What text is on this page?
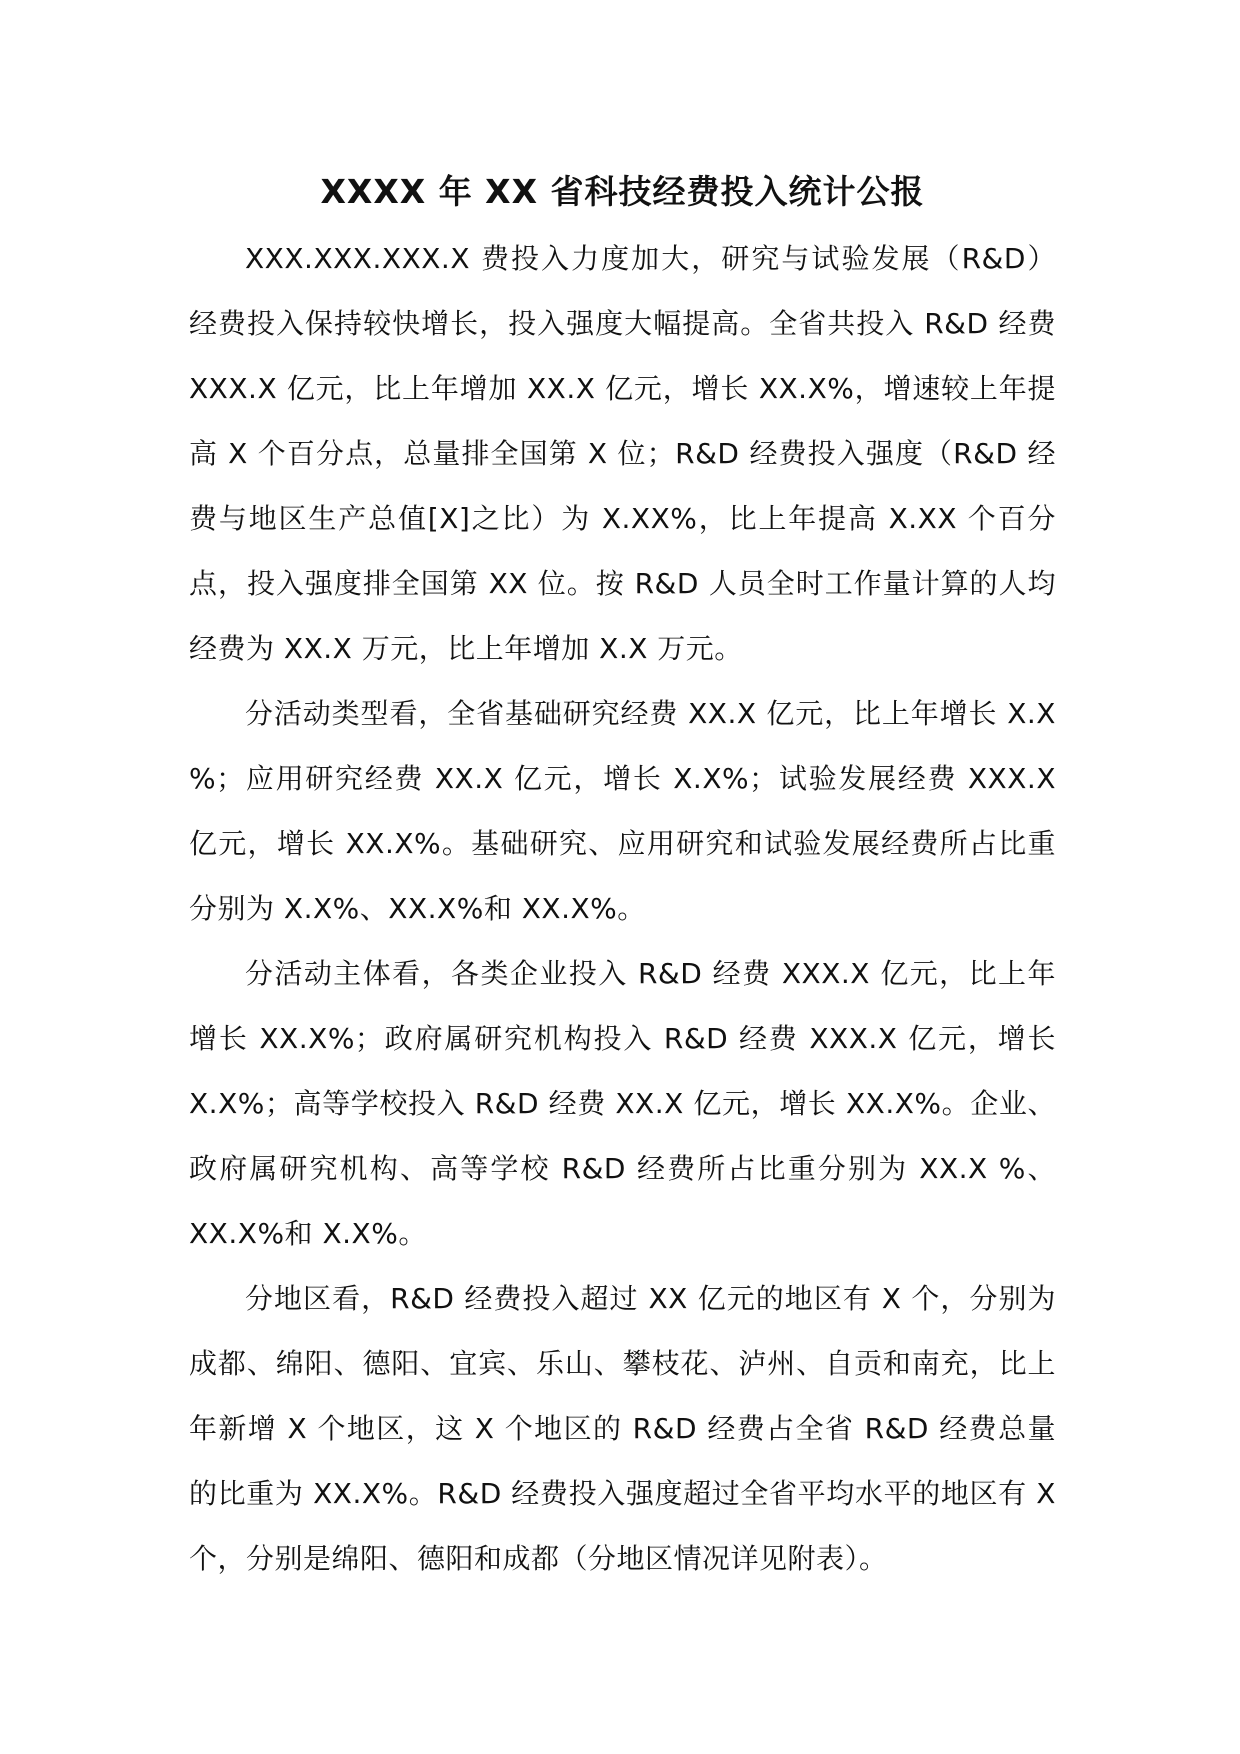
XXXX 年 XX 省科技经费投入统计公报

XXX.XXX.XXX.X 费投入力度加大，研究与试验发展（R&D）经费投入保持较快增长，投入强度大幅提高。全省共投入 R&D 经费 XXX.X 亿元，比上年增加 XX.X 亿元，增长 XX.X%，增速较上年提高 X 个百分点，总量排全国第 X 位；R&D 经费投入强度（R&D 经费与地区生产总值[X]之比）为 X.XX%，比上年提高 X.XX 个百分点，投入强度排全国第 XX 位。按 R&D 人员全时工作量计算的人均经费为 XX.X 万元，比上年增加 X.X 万元。

分活动类型看，全省基础研究经费 XX.X 亿元，比上年增长 X.X %；应用研究经费 XX.X 亿元，增长 X.X%；试验发展经费 XXX.X 亿元，增长 XX.X%。基础研究、应用研究和试验发展经费所占比重分别为 X.X%、XX.X%和 XX.X%。

分活动主体看，各类企业投入 R&D 经费 XXX.X 亿元，比上年增长 XX.X%；政府属研究机构投入 R&D 经费 XXX.X 亿元，增长 X.X%；高等学校投入 R&D 经费 XX.X 亿元，增长 XX.X%。企业、政府属研究机构、高等学校 R&D 经费所占比重分别为 XX.X %、XX.X%和 X.X%。

分地区看，R&D 经费投入超过 XX 亿元的地区有 X 个，分别为成都、绵阳、德阳、宜宾、乐山、攀枝花、泸州、自贡和南充，比上年新增 X 个地区，这 X 个地区的 R&D 经费占全省 R&D 经费总量的比重为 XX.X%。R&D 经费投入强度超过全省平均水平的地区有 X 个，分别是绵阳、德阳和成都（分地区情况详见附表）。
